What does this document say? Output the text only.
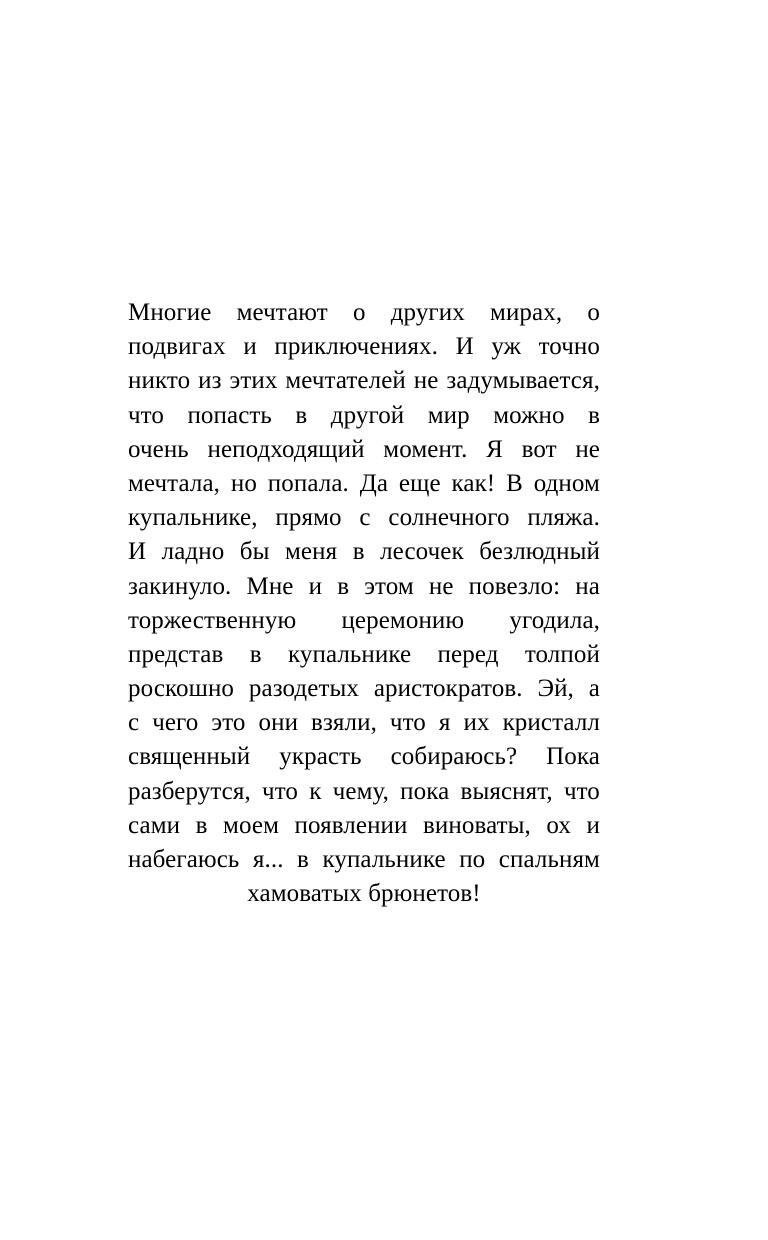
Многие мечтают о других мирах, о
подвигах и приключениях. И уж точно
никто из этих мечтателей не задумывается,
что попасть в другой мир можно в
очень неподходящий момент. Я вот не
мечтала, но попала. Да еще как! В одном
купальнике, прямо с солнечного пляжа.
И ладно бы меня в лесочек безлюдный
закинуло. Мне и в этом не повезло: на
торжественную церемонию угодила,
представ в купальнике перед толпой
роскошно разодетых аристократов. Эй, а
с чего это они взяли, что я их кристалл
священный украсть собираюсь? Пока
разберутся, что к чему, пока выяснят, что
сами в моем появлении виноваты, ох и
набегаюсь я... в купальнике по спальням
хамоватых брюнетов!
